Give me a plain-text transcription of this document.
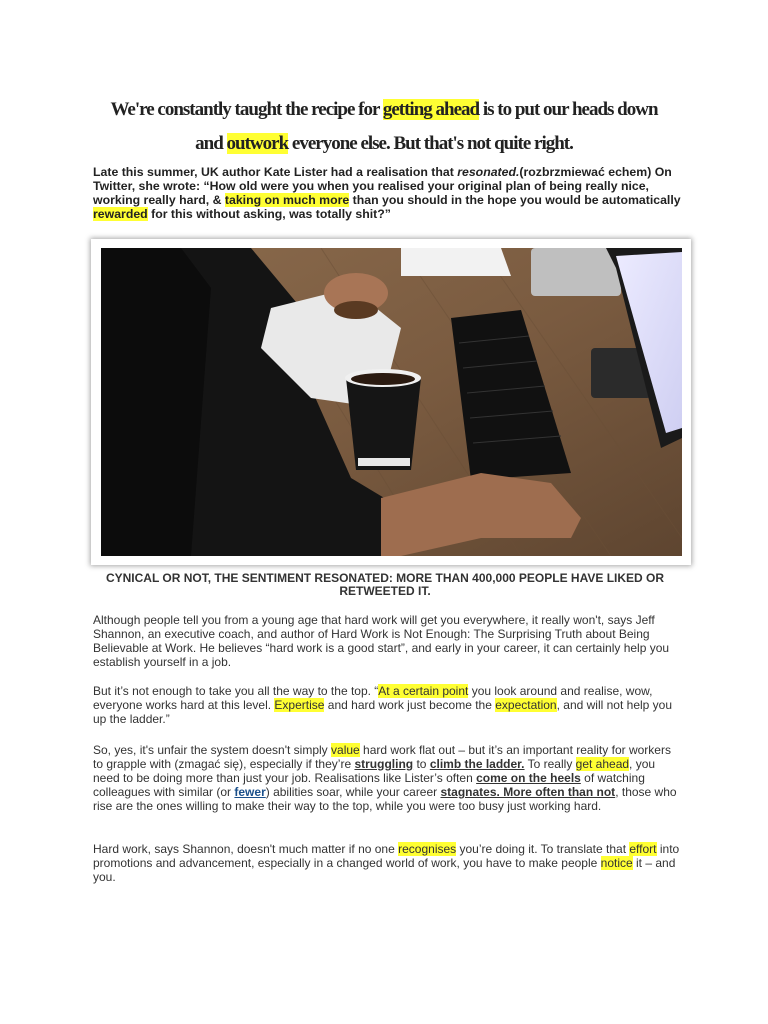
We're constantly taught the recipe for getting ahead is to put our heads down
and outwork everyone else. But that's not quite right.
Late this summer, UK author Kate Lister had a realisation that resonated.(rozbrzmiewać echem) On Twitter, she wrote: “How old were you when you realised your original plan of being really nice, working really hard, & taking on much more than you should in the hope you would be automatically rewarded for this without asking, was totally shit?”
CYNICAL OR NOT, THE SENTIMENT RESONATED: MORE THAN 400,000 PEOPLE HAVE LIKED OR RETWEETED IT.
Although people tell you from a young age that hard work will get you everywhere, it really won't, says Jeff Shannon, an executive coach, and author of Hard Work is Not Enough: The Surprising Truth about Being Believable at Work. He believes “hard work is a good start”, and early in your career, it can certainly help you establish yourself in a job.
But it’s not enough to take you all the way to the top. “At a certain point you look around and realise, wow, everyone works hard at this level. Expertise and hard work just become the expectation, and will not help you up the ladder.”
So, yes, it's unfair the system doesn't simply value hard work flat out – but it’s an important reality for workers to grapple with (zmagać się), especially if they’re struggling to climb the ladder. To really get ahead, you need to be doing more than just your job. Realisations like Lister’s often come on the heels of watching colleagues with similar (or fewer) abilities soar, while your career stagnates. More often than not, those who rise are the ones willing to make their way to the top, while you were too busy just working hard.
Hard work, says Shannon, doesn't much matter if no one recognises you’re doing it. To translate that effort into promotions and advancement, especially in a changed world of work, you have to make people notice it – and you.
